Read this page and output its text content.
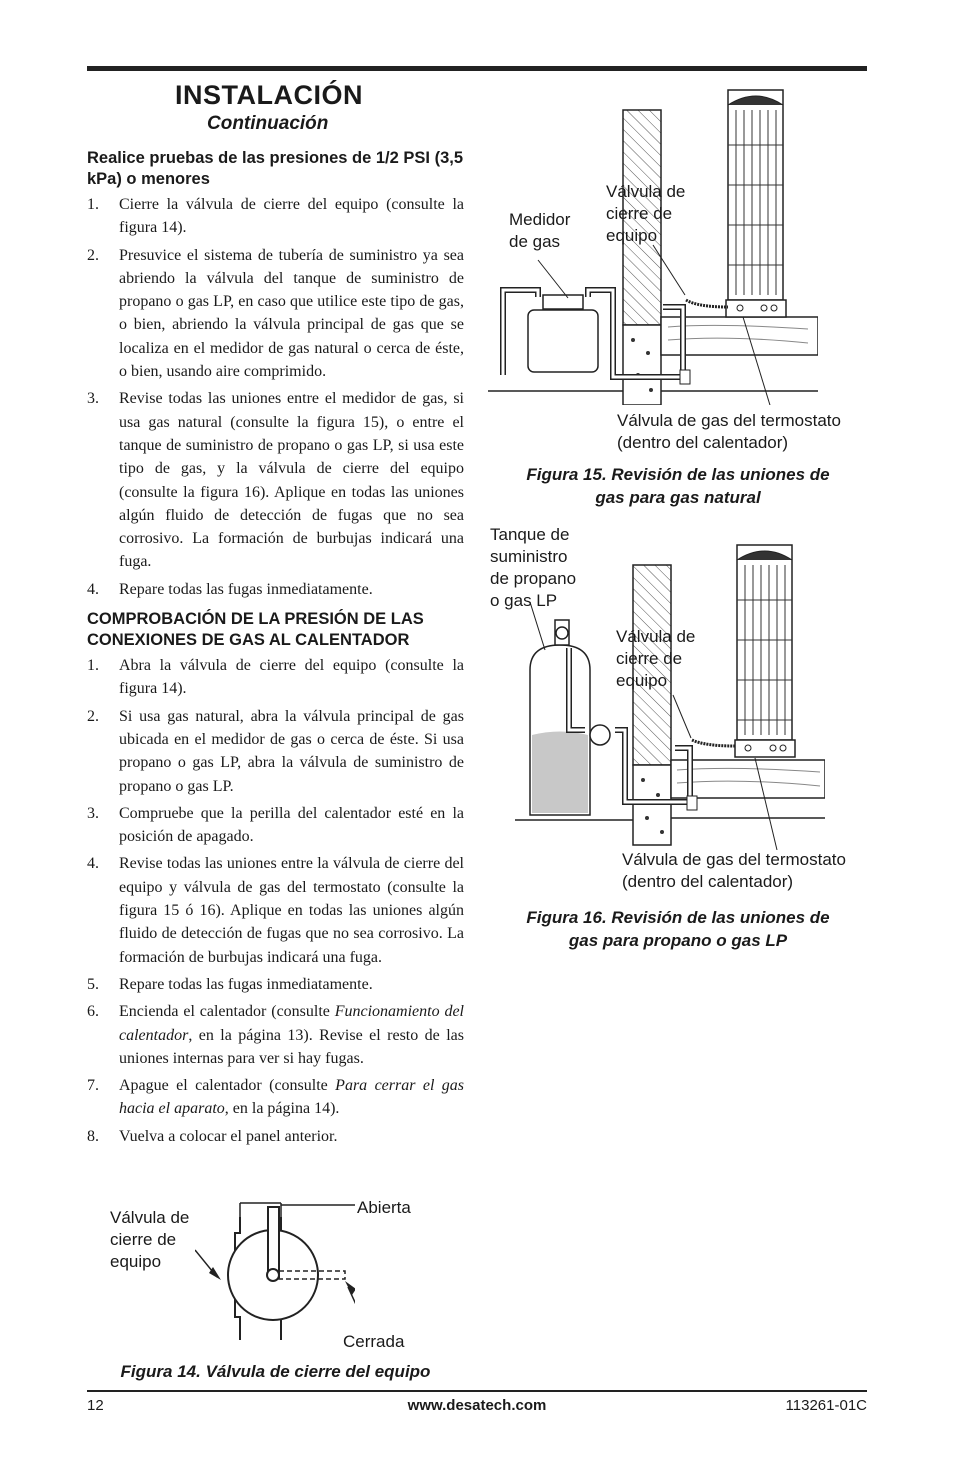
INSTALACIÓN
Continuación
Realice pruebas de las presiones de 1/2 PSI (3,5 kPa) o menores
1. Cierre la válvula de cierre del equipo (consulte la figura 14).
2. Presuvice el sistema de tubería de suministro ya sea abriendo la válvula del tanque de suministro de propano o gas LP, en caso que utilice este tipo de gas, o bien, abriendo la válvula principal de gas que se localiza en el medidor de gas natural o cerca de éste, o bien, usando aire comprimido.
3. Revise todas las uniones entre el medidor de gas, si usa gas natural (consulte la figura 15), o entre el tanque de suministro de propano o gas LP, si usa este tipo de gas, y la válvula de cierre del equipo (consulte la figura 16). Aplique en todas las uniones algún fluido de detección de fugas que no sea corrosivo. La formación de burbujas indicará una fuga.
4. Repare todas las fugas inmediatamente.
COMPROBACIÓN DE LA PRESIÓN DE LAS CONEXIONES DE GAS AL CALENTADOR
1. Abra la válvula de cierre del equipo (consulte la figura 14).
2. Si usa gas natural, abra la válvula principal de gas ubicada en el medidor de gas o cerca de éste. Si usa propano o gas LP, abra la válvula de suministro de propano o gas LP.
3. Compruebe que la perilla del calentador esté en la posición de apagado.
4. Revise todas las uniones entre la válvula de cierre del equipo y válvula de gas del termostato (consulte la figura 15 ó 16). Aplique en todas las uniones algún fluido de detección de fugas que no sea corrosivo. La formación de burbujas indicará una fuga.
5. Repare todas las fugas inmediatamente.
6. Encienda el calentador (consulte Funcionamiento del calentador, en la página 13). Revise el resto de las uniones internas para ver si hay fugas.
7. Apague el calentador (consulte Para cerrar el gas hacia el aparato, en la página 14).
8. Vuelva a colocar el panel anterior.
Válvula de
cierre de
equipo
Abierta
Cerrada
Figura 14. Válvula de cierre del equipo
Medidor
de gas
Válvula de
cierre de
equipo
Válvula de gas del termostato
(dentro del calentador)
Figura 15. Revisión de las uniones de
gas para gas natural
Tanque de
suministro
de propano
o gas LP
Válvula de
cierre de
equipo
Válvula de gas del termostato
(dentro del calentador)
Figura 16. Revisión de las uniones de
gas para propano o gas LP
12	www.desatech.com	113261-01C
